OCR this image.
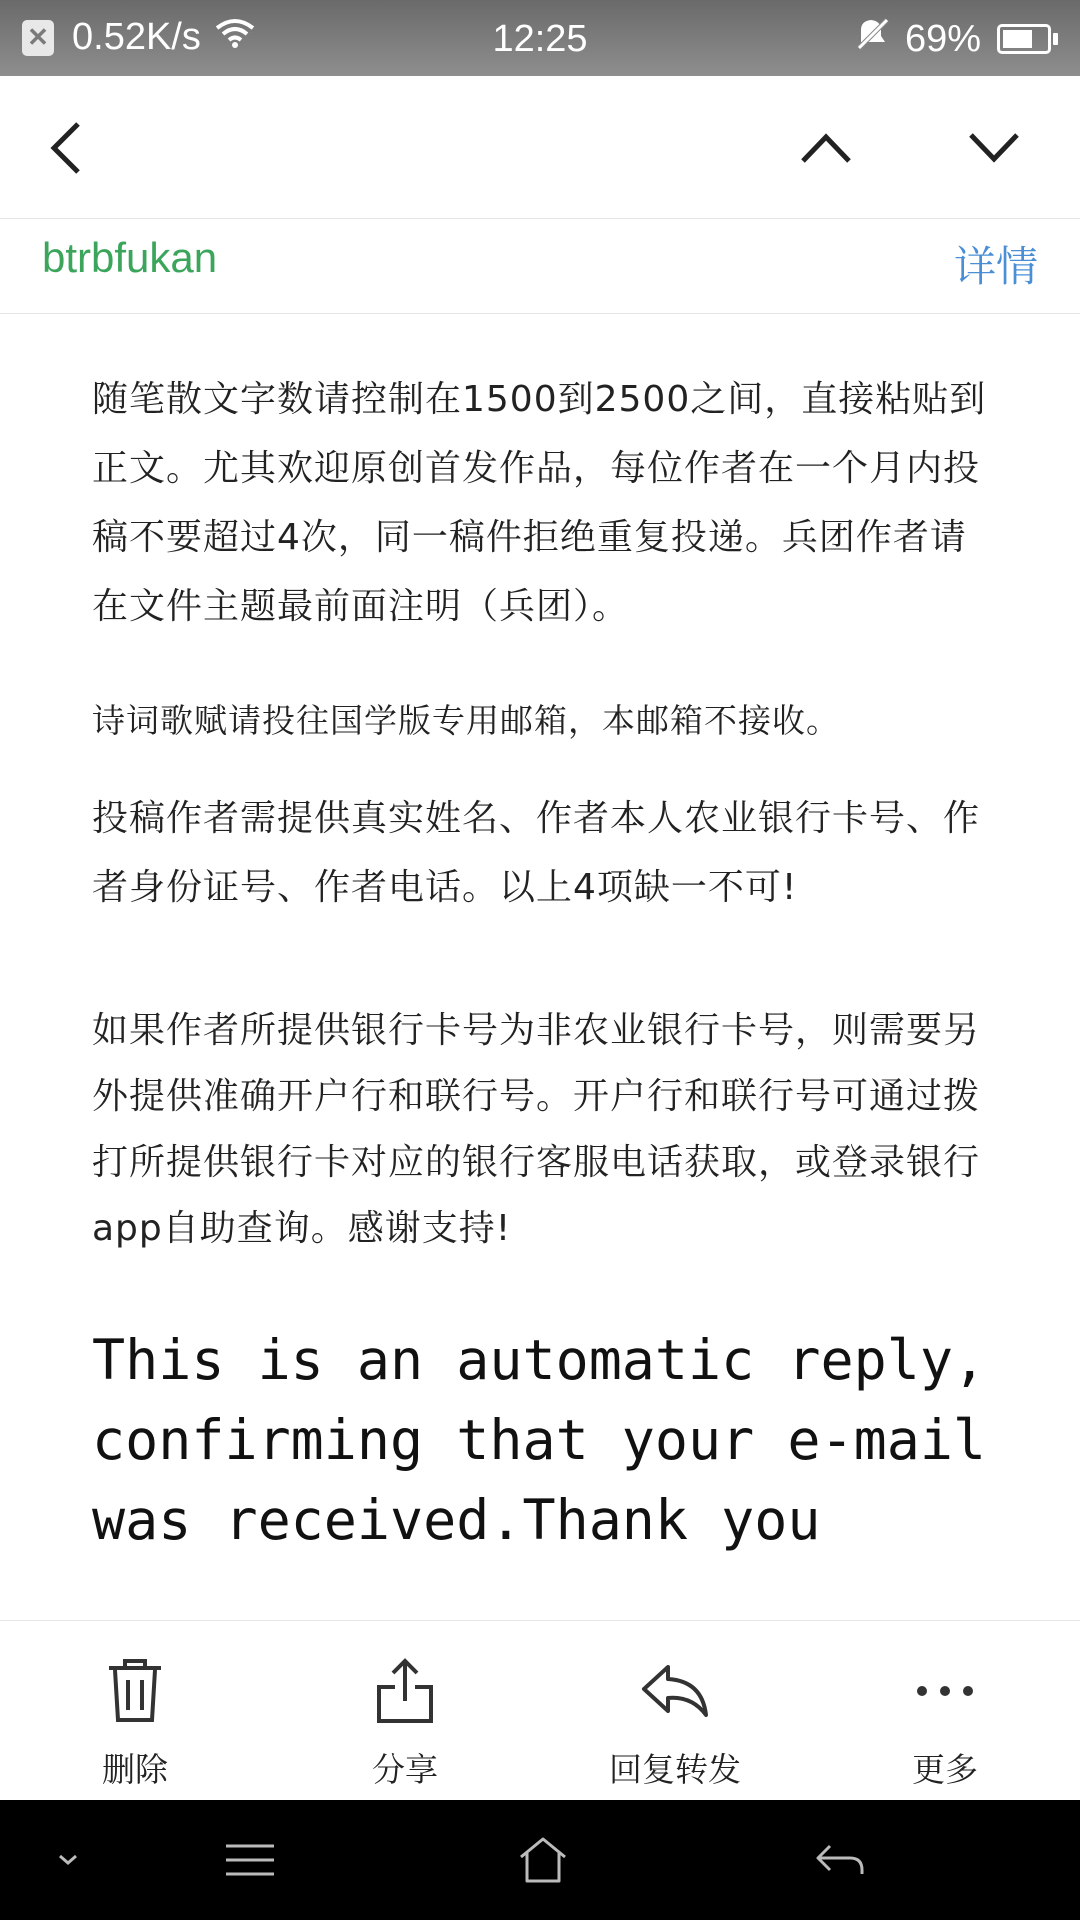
✕ 0.52K/s	12:25	69%
btrbfukan	详情

随笔散文字数请控制在1500到2500之间，直接粘贴到正文。尤其欢迎原创首发作品，每位作者在一个月内投稿不要超过4次，同一稿件拒绝重复投递。兵团作者请在文件主题最前面注明（兵团）。

诗词歌赋请投往国学版专用邮箱，本邮箱不接收。

投稿作者需提供真实姓名、作者本人农业银行卡号、作者身份证号、作者电话。以上4项缺一不可!

如果作者所提供银行卡号为非农业银行卡号，则需要另外提供准确开户行和联行号。开户行和联行号可通过拨打所提供银行卡对应的银行客服电话获取，或登录银行app自助查询。感谢支持!

This is an automatic reply, confirming that your e-mail was received.Thank you

删除	分享	回复转发	更多
